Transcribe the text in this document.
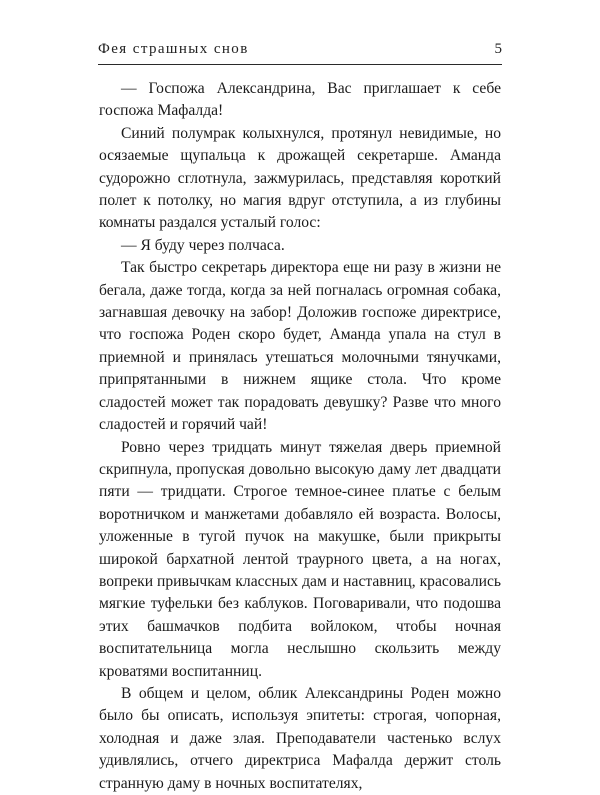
Фея страшных снов	5

— Госпожа Александрина, Вас приглашает к себе госпожа Мафалда!

Синий полумрак колыхнулся, протянул невидимые, но осязаемые щупальца к дрожащей секретарше. Аманда судорожно сглотнула, зажмурилась, представляя короткий полет к потолку, но магия вдруг отступила, а из глубины комнаты раздался усталый голос:

— Я буду через полчаса.

Так быстро секретарь директора еще ни разу в жизни не бегала, даже тогда, когда за ней погналась огромная собака, загнавшая девочку на забор! Доложив госпоже директрисе, что госпожа Роден скоро будет, Аманда упала на стул в приемной и принялась утешаться молочными тянучками, припрятанными в нижнем ящике стола. Что кроме сладостей может так порадовать девушку? Разве что много сладостей и горячий чай!

Ровно через тридцать минут тяжелая дверь приемной скрипнула, пропуская довольно высокую даму лет двадцати пяти — тридцати. Строгое темное-синее платье с белым воротничком и манжетами добавляло ей возраста. Волосы, уложенные в тугой пучок на макушке, были прикрыты широкой бархатной лентой траурного цвета, а на ногах, вопреки привычкам классных дам и наставниц, красовались мягкие туфельки без каблуков. Поговаривали, что подошва этих башмачков подбита войлоком, чтобы ночная воспитательница могла неслышно скользить между кроватями воспитанниц.

В общем и целом, облик Александрины Роден можно было бы описать, используя эпитеты: строгая, чопорная, холодная и даже злая. Преподаватели частенько вслух удивлялись, отчего директриса Мафалда держит столь странную даму в ночных воспитателях,
